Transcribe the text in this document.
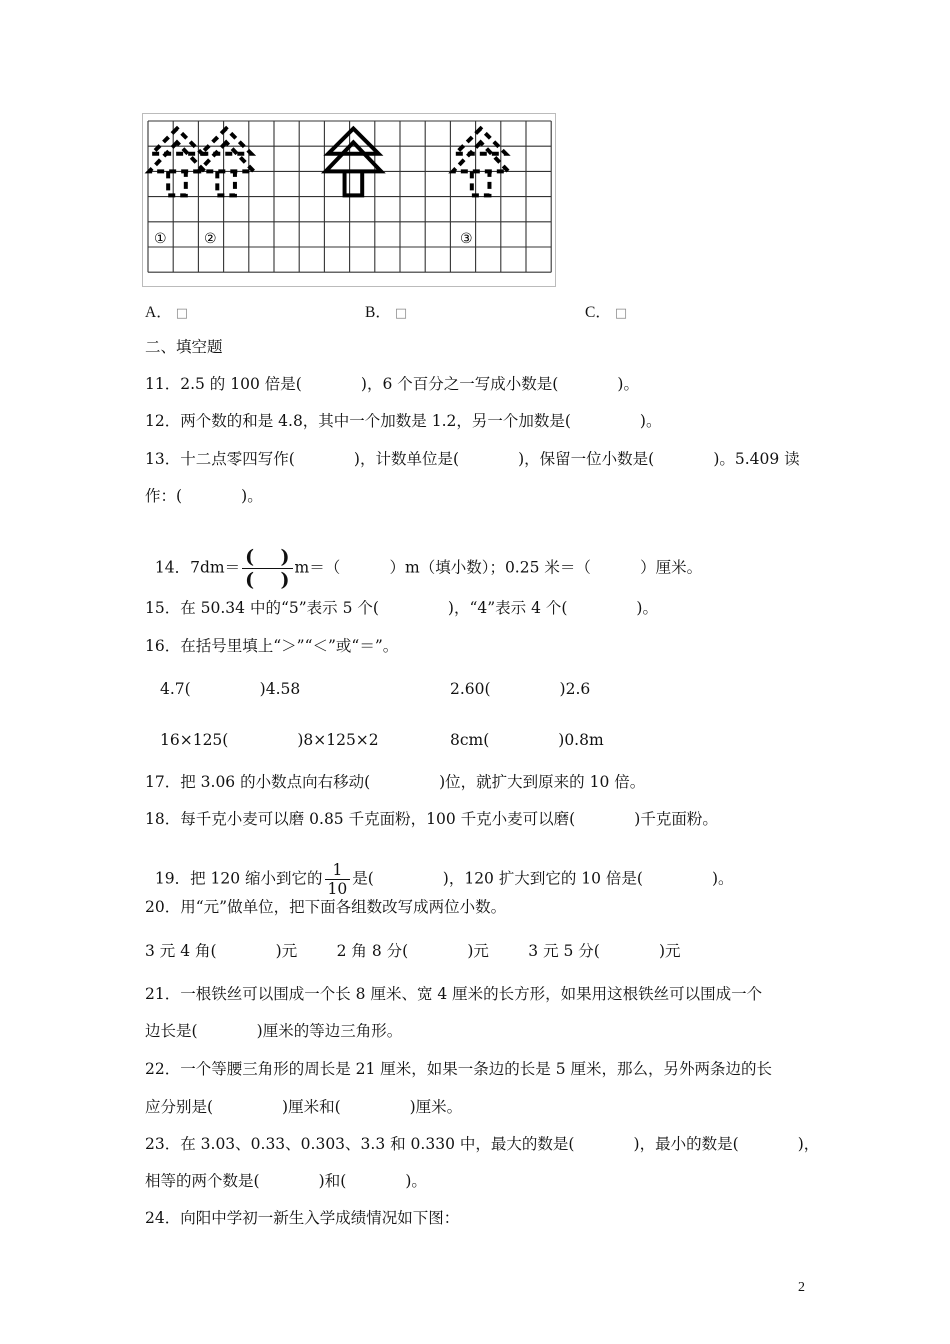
①	②	③
A． □	B． □	C． □
二、填空题
11．2.5 的 100 倍是(            )，6 个百分之一写成小数是(            )。
12．两个数的和是 4.8，其中一个加数是 1.2，另一个加数是(              )。
13．十二点零四写作(            )，计数单位是(            )，保留一位小数是(            )。5.409 读
作：(            )。

14．$7dm= \frac{( )}{( )} m=$（          ）m（填小数）；0.25 米＝（          ）厘米。

15．在 50.34 中的“5”表示 5 个(              )，“4”表示 4 个(              )。
16．在括号里填上“＞”“＜”或“＝”。
4.7(              )4.58	2.60(              )2.6
16×125(              )8×125×2	8cm(              )0.8m
17．把 3.06 的小数点向右移动(              )位，就扩大到原来的 10 倍。
18．每千克小麦可以磨 0.85 千克面粉，100 千克小麦可以磨(            )千克面粉。

19．把 120 缩小到它的 $\frac{1}{10}$ 是(              )，120 扩大到它的 10 倍是(              )。

20．用“元”做单位，把下面各组数改写成两位小数。
3 元 4 角(            )元        2 角 8 分(            )元        3 元 5 分(            )元
21．一根铁丝可以围成一个长 8 厘米、宽 4 厘米的长方形，如果用这根铁丝可以围成一个
边长是(            )厘米的等边三角形。
22．一个等腰三角形的周长是 21 厘米，如果一条边的长是 5 厘米，那么，另外两条边的长
应分别是(              )厘米和(              )厘米。
23．在 3.03、0.33、0.303、3.3 和 0.330 中，最大的数是(            )，最小的数是(            )，
相等的两个数是(            )和(            )。
24．向阳中学初一新生入学成绩情况如下图：
2
